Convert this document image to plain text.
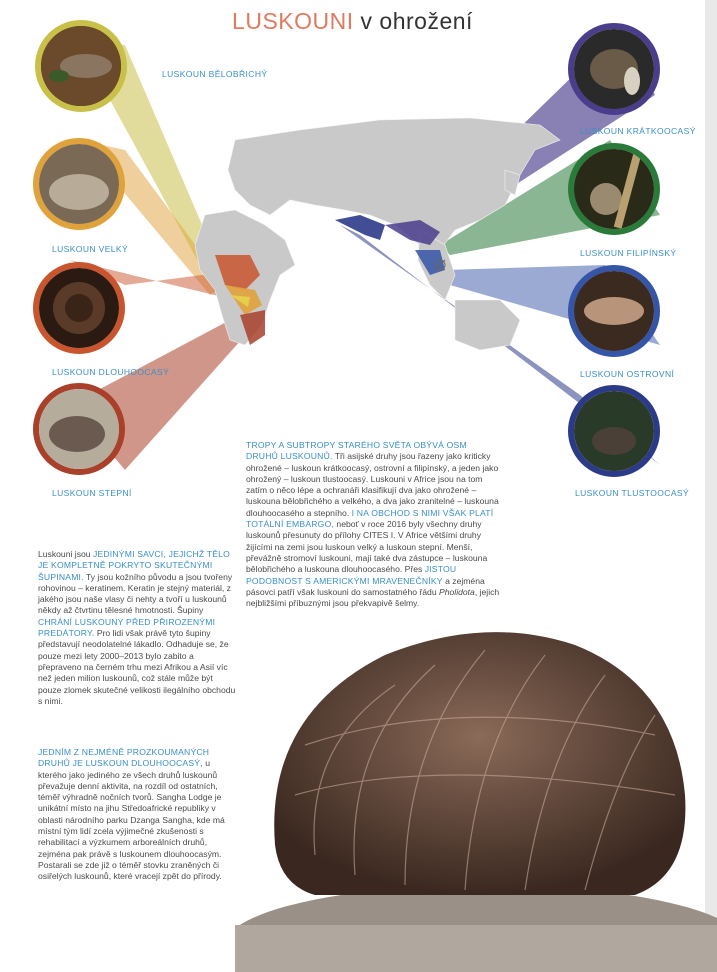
LUSKOUNI v ohrožení
LUSKOUN BĚLOBŘICHÝ
LUSKOUN VELKÝ
LUSKOUN DLOUHOOCASÝ
LUSKOUN STEPNÍ
LUSKOUN KRÁTKOOCASÝ
LUSKOUN FILIPÍNSKÝ
LUSKOUN OSTROVNÍ
LUSKOUN TLUSTOOCASÝ
TROPY A SUBTROPY STARÉHO SVĚTA OBÝVÁ OSM DRUHŮ LUSKOUNŮ. Tři asijské druhy jsou řazeny jako kriticky ohrožené – luskoun krátkoocasý, ostrovní a filipínský, a jeden jako ohrožený – luskoun tlustoocasý. Luskouni v Africe jsou na tom zatím o něco lépe a ochranáři klasifikují dva jako ohrožené – luskouna bělobřichého a velkého, a dva jako zranitelné – luskouna dlouhoocasého a stepního. I NA OBCHOD S NIMI VŠAK PLATÍ TOTÁLNÍ EMBARGO, neboť v roce 2016 byly všechny druhy luskounů přesunuty do přílohy CITES I. V Africe většími druhy žijícími na zemi jsou luskoun velký a luskoun stepní. Menší, převážně stromoví luskouni, mají také dva zástupce – luskouna bělobřichého a luskouna dlouhoocasého. Přes JISTOU PODOBNOST S AMERICKÝMI MRAVENEČNÍKY a zejména pásovci patří však luskouni do samostatného řádu Pholidota, jejich nejbližšími příbuznými jsou překvapivě šelmy.
Luskouni jsou JEDINÝMI SAVCI, JEJICHŽ TĚLO JE KOMPLETNĚ POKRYTO SKUTEČNÝMI ŠUPINAMI. Ty jsou kožního původu a jsou tvořeny rohovinou – keratinem. Keratin je stejný materiál, z jakého jsou naše vlasy či nehty a tvoří u luskounů někdy až čtvrtinu tělesné hmotnosti. Šupiny CHRÁNÍ LUSKOUNY PŘED PŘIROZENÝMI PREDÁTORY. Pro lidi však právě tyto šupiny představují neodolatelné lákadlo. Odhaduje se, že pouze mezi lety 2000–2013 bylo zabito a přepraveno na černém trhu mezi Afrikou a Asií víc než jeden milion luskounů, což stále může být pouze zlomek skutečné velikosti ilegálního obchodu s nimi.
JEDNÍM Z NEJMÉNĚ PROZKOUMANÝCH DRUHŮ JE LUSKOUN DLOUHOOCASÝ, u kterého jako jediného ze všech druhů luskounů převažuje denní aktivita, na rozdíl od ostatních, téměř výhradně nočních tvorů. Sangha Lodge je unikátní místo na jihu Středoafrické republiky v oblasti národního parku Dzanga Sangha, kde má místní tým lidí zcela výjimečné zkušenosti s rehabilitací a výzkumem arboreálních druhů, zejména pak právě s luskounem dlouhoocasým. Postarali se zde již o téměř stovku zraněných či osiřelých luskounů, které vracejí zpět do přírody.
